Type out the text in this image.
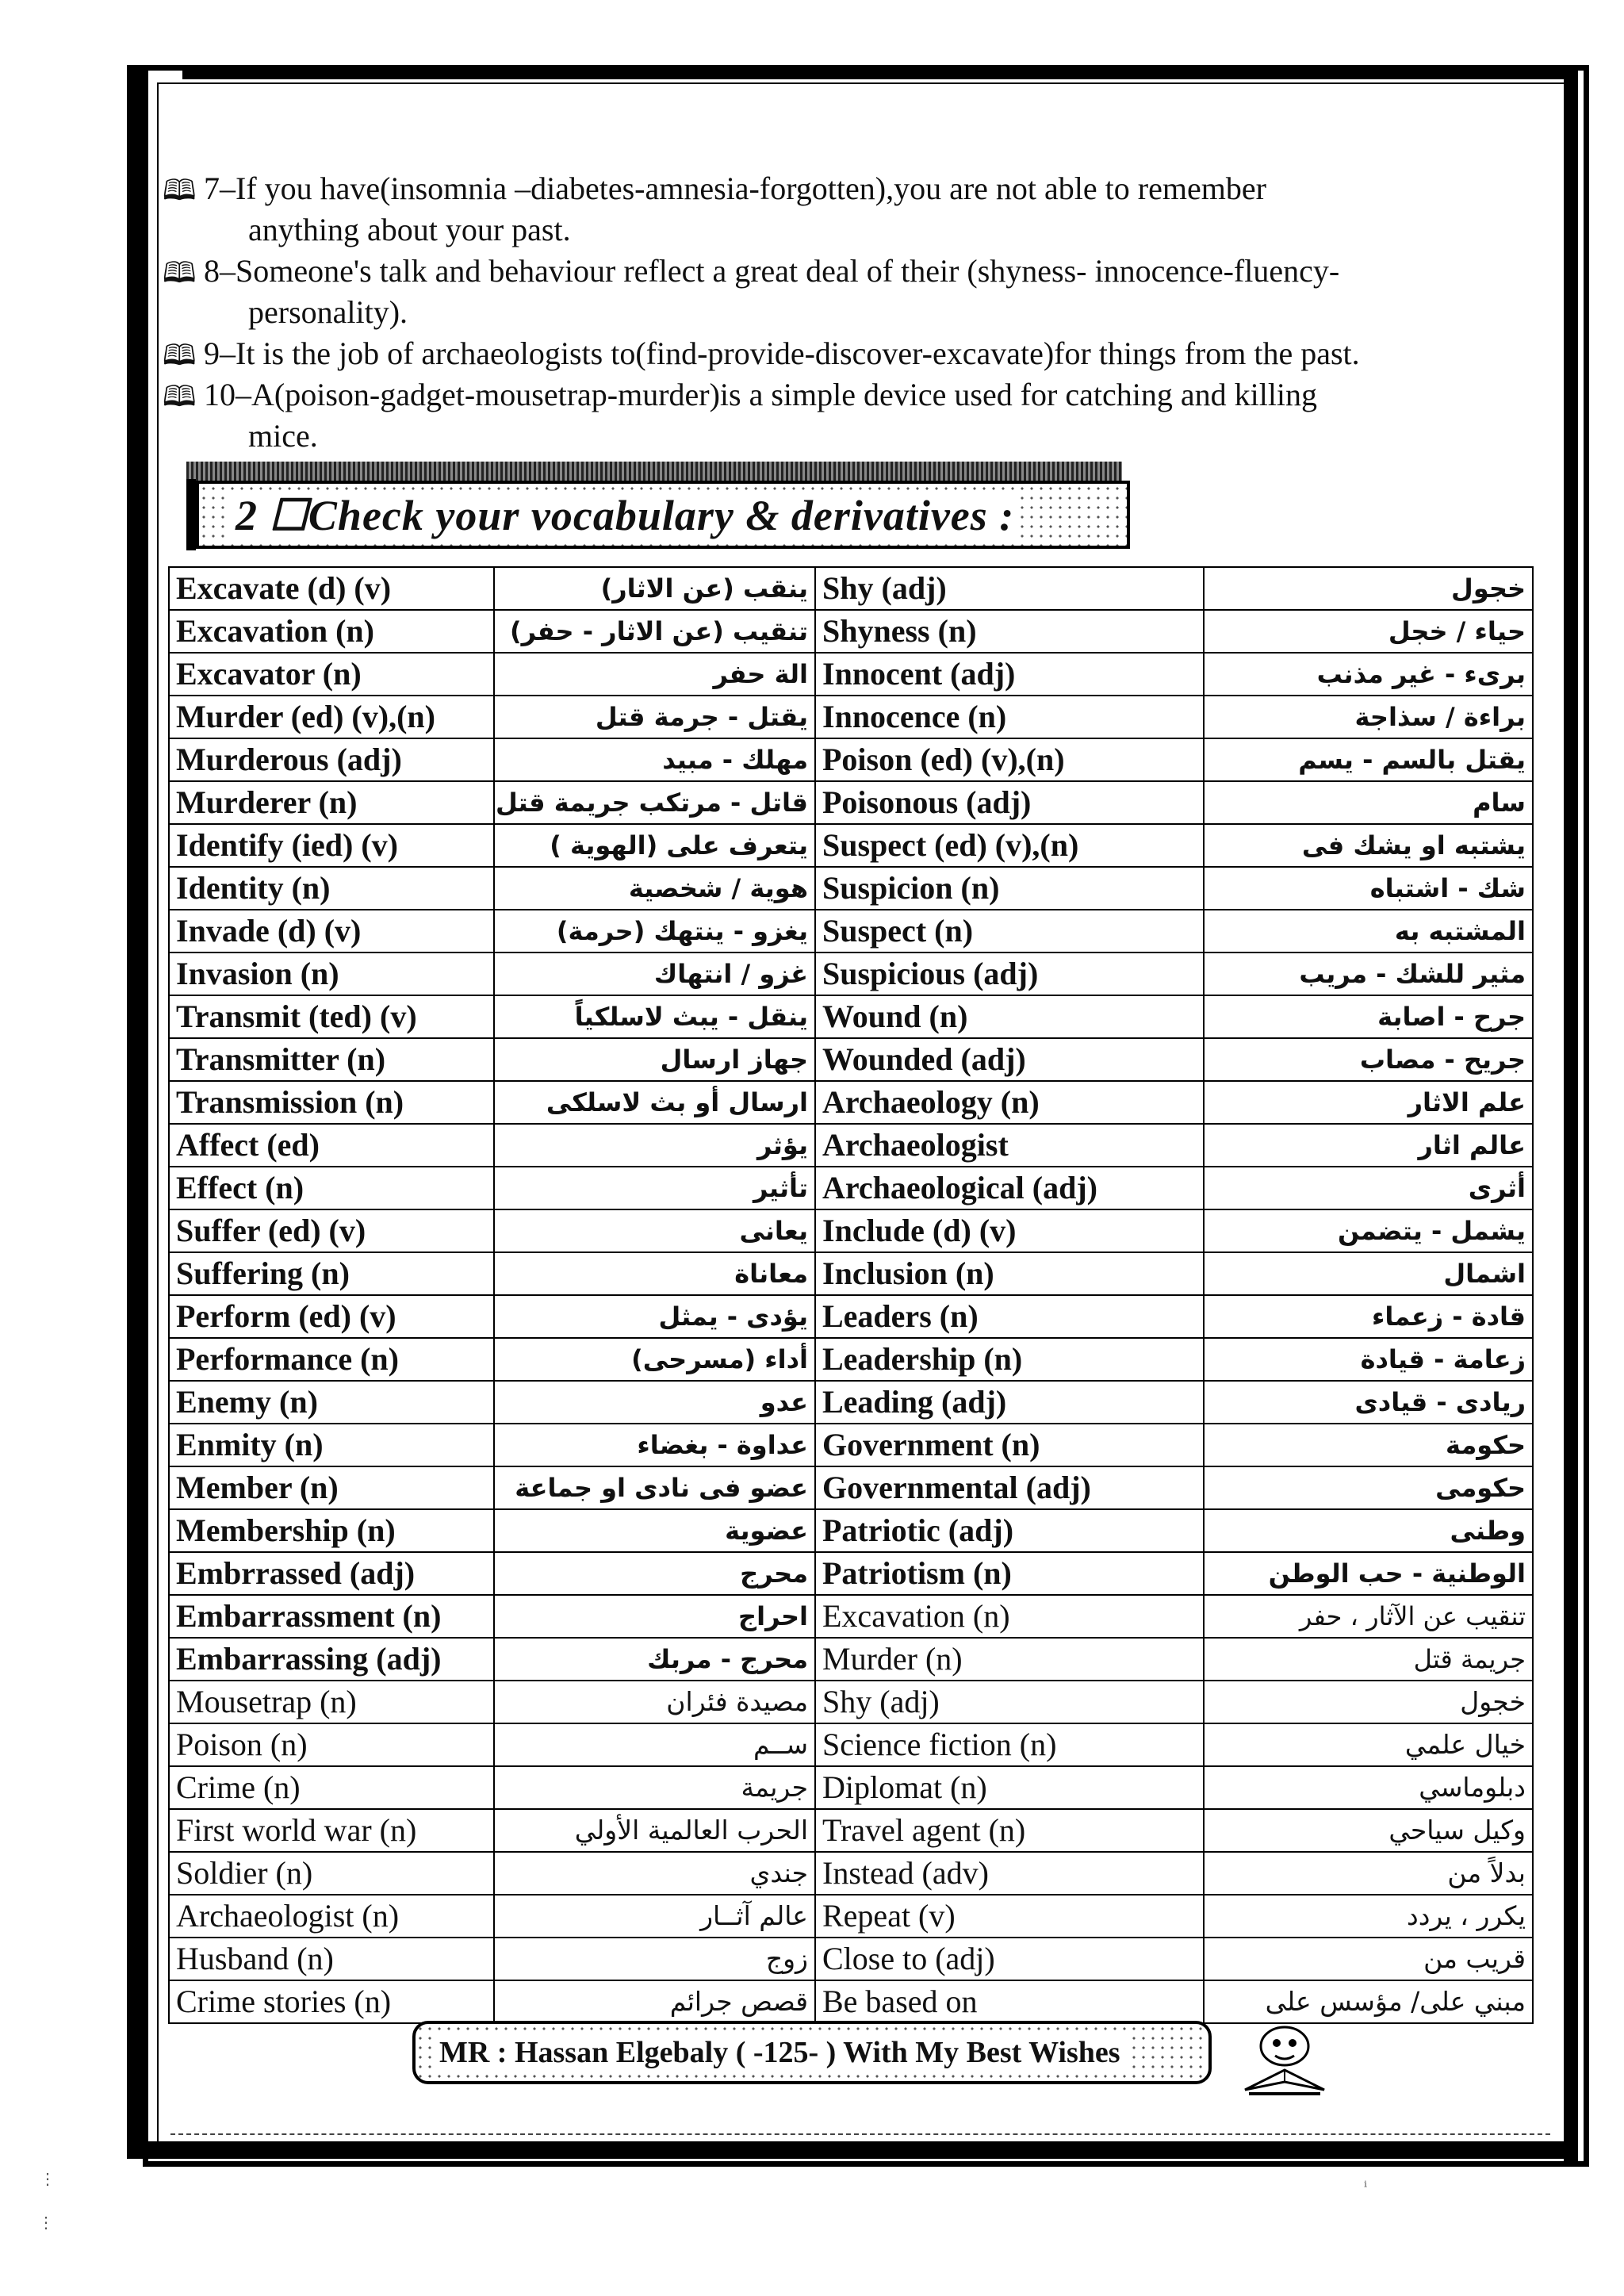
🕮 7–If you have(insomnia –diabetes-amnesia-forgotten),you are not able to remember
anything about your past.

🕮 8–Someone's talk and behaviour reflect a great deal of their (shyness- innocence-fluency-
personality).

🕮 9–It is the job of archaeologists to(find-provide-discover-excavate)for things from the past.

🕮 10–A(poison-gadget-mousetrap-murder)is a simple device used for catching and killing
mice.

2 ☐Check your vocabulary & derivatives :
Excavate (d) (v)	ينقب (عن الاثار)	Shy (adj)	خجول
Excavation (n)	تنقيب (عن الاثار - حفر)	Shyness (n)	حياء / خجل
Excavator (n)	الة حفر	Innocent (adj)	برىء - غير مذنب
Murder (ed) (v),(n)	يقتل - جرمة قتل	Innocence (n)	براءة / سذاجة
Murderous (adj)	مهلك - مبيد	Poison (ed) (v),(n)	يقتل بالسم - يسم
Murderer (n)	قاتل - مرتكب جريمة قتل	Poisonous (adj)	سام
Identify (ied) (v)	يتعرف على (الهوية )	Suspect (ed) (v),(n)	يشتبه او يشك فى
Identity (n)	هوية / شخصية	Suspicion (n)	شك - اشتباه
Invade (d) (v)	يغزو - ينتهك (حرمة)	Suspect (n)	المشتبه به
Invasion (n)	غزو / انتهاك	Suspicious (adj)	مثير للشك - مريب
Transmit (ted) (v)	ينقل - يبث لاسلكياً	Wound (n)	جرح - اصابة
Transmitter (n)	جهاز ارسال	Wounded (adj)	جريح - مصاب
Transmission (n)	ارسال أو بث لاسلكى	Archaeology (n)	علم الاثار
Affect (ed)	يؤثر	Archaeologist	عالم اثار
Effect (n)	تأثير	Archaeological (adj)	أثرى
Suffer (ed) (v)	يعانى	Include (d) (v)	يشمل - يتضمن
Suffering (n)	معاناة	Inclusion (n)	اشمال
Perform (ed) (v)	يؤدى - يمثل	Leaders (n)	قادة - زعماء
Performance (n)	أداء (مسرحى)	Leadership (n)	زعامة - قيادة
Enemy (n)	عدو	Leading (adj)	ريادى - قيادى
Enmity (n)	عداوة - بغضاء	Government (n)	حكومة
Member (n)	عضو فى نادى او جماعة	Governmental (adj)	حكومى
Membership (n)	عضوية	Patriotic (adj)	وطنى
Embrrassed (adj)	محرج	Patriotism (n)	الوطنية - حب الوطن
Embarrassment (n)	احراج	Excavation (n)	تنقيب عن الآثار ، حفر
Embarrassing (adj)	محرج - مربك	Murder (n)	جريمة قتل
Mousetrap (n)	مصيدة فئران	Shy (adj)	خجول
Poison (n)	ســم	Science fiction (n)	خيال علمي
Crime (n)	جريمة	Diplomat (n)	دبلوماسي
First world war (n)	الحرب العالمية الأولي	Travel agent (n)	وكيل سياحي
Soldier (n)	جندي	Instead (adv)	بدلاً من
Archaeologist (n)	عالم آثــار	Repeat (v)	يكرر ، يردد
Husband (n)	زوج	Close to (adj)	قريب من
Crime stories (n)	قصص جرائم	Be based on	مبني على/ مؤسس على
MR : Hassan Elgebaly ( -125- ) With My Best Wishes
⋮
⋮
ⁱ
